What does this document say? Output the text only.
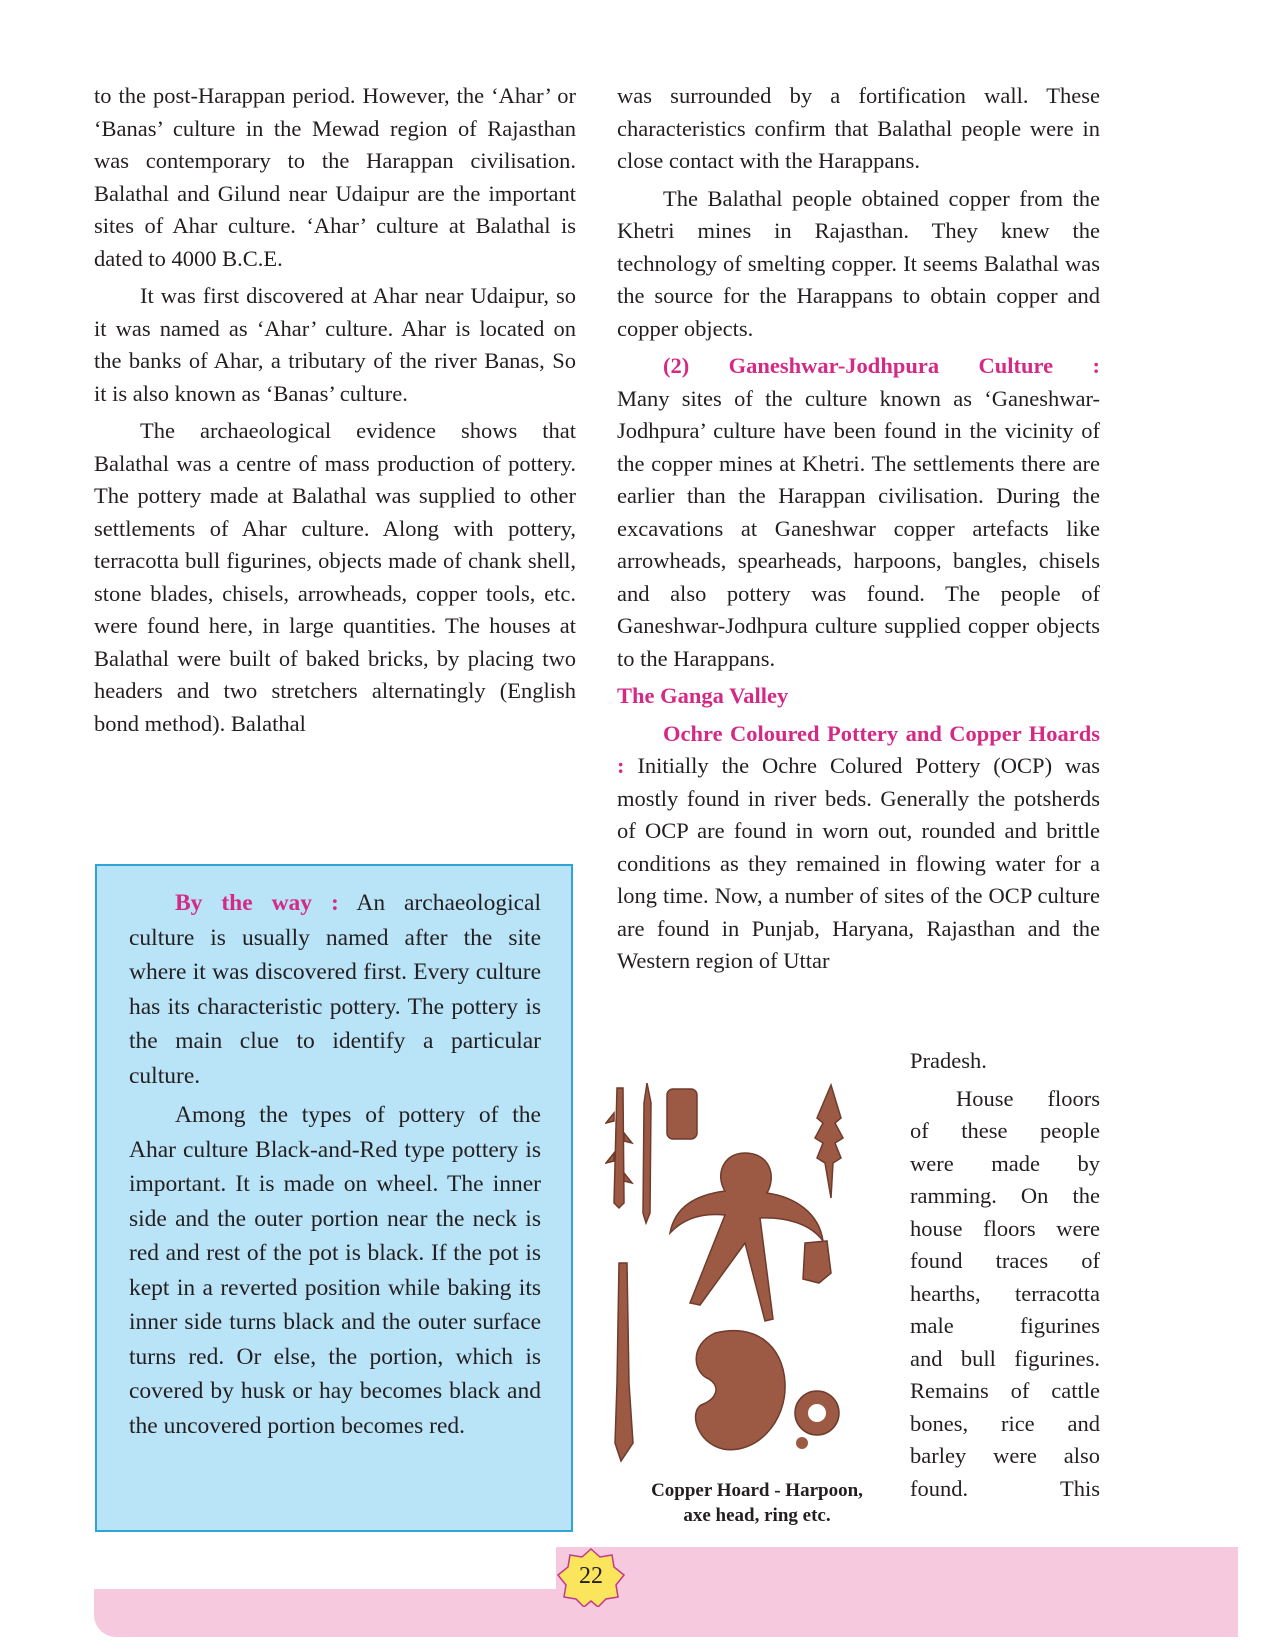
to the post-Harappan period. However, the ‘Ahar’ or ‘Banas’ culture in the Mewad region of Rajasthan was contemporary to the Harappan civilisation. Balathal and Gilund near Udaipur are the important sites of Ahar culture. ‘Ahar’ culture at Balathal is dated to 4000 B.C.E.

It was first discovered at Ahar near Udaipur, so it was named as ‘Ahar’ culture. Ahar is located on the banks of Ahar, a tributary of the river Banas, So it is also known as ‘Banas’ culture.

The archaeological evidence shows that Balathal was a centre of mass production of pottery. The pottery made at Balathal was supplied to other settlements of Ahar culture. Along with pottery, terracotta bull figurines, objects made of chank shell, stone blades, chisels, arrowheads, copper tools, etc. were found here, in large quantities. The houses at Balathal were built of baked bricks, by placing two headers and two stretchers alternatingly (English bond method). Balathal

By the way : An archaeological culture is usually named after the site where it was discovered first. Every culture has its characteristic pottery. The pottery is the main clue to identify a particular culture.

Among the types of pottery of the Ahar culture Black-and-Red type pottery is important. It is made on wheel. The inner side and the outer portion near the neck is red and rest of the pot is black. If the pot is kept in a reverted position while baking its inner side turns black and the outer surface turns red. Or else, the portion, which is covered by husk or hay becomes black and the uncovered portion becomes red.

was surrounded by a fortification wall. These characteristics confirm that Balathal people were in close contact with the Harappans.

The Balathal people obtained copper from the Khetri mines in Rajasthan. They knew the technology of smelting copper. It seems Balathal was the source for the Harappans to obtain copper and copper objects.

(2) Ganeshwar-Jodhpura Culture :

Many sites of the culture known as ‘Ganeshwar-Jodhpura’ culture have been found in the vicinity of the copper mines at Khetri. The settlements there are earlier than the Harappan civilisation. During the excavations at Ganeshwar copper artefacts like arrowheads, spearheads, harpoons, bangles, chisels and also pottery was found. The people of Ganeshwar-Jodhpura culture supplied copper objects to the Harappans.

The Ganga Valley

Ochre Coloured Pottery and Copper Hoards : Initially the Ochre Colured Pottery (OCP) was mostly found in river beds. Generally the potsherds of OCP are found in worn out, rounded and brittle conditions as they remained in flowing water for a long time. Now, a number of sites of the OCP culture are found in Punjab, Haryana, Rajasthan and the Western region of Uttar

Copper Hoard - Harpoon,
axe head, ring etc.

Pradesh.

House floors

of these people

were made by

ramming. On the

house floors were

found traces of

hearths, terracotta

male figurines

and bull figurines.

Remains of cattle

bones, rice and

barley were also

found. This

22
